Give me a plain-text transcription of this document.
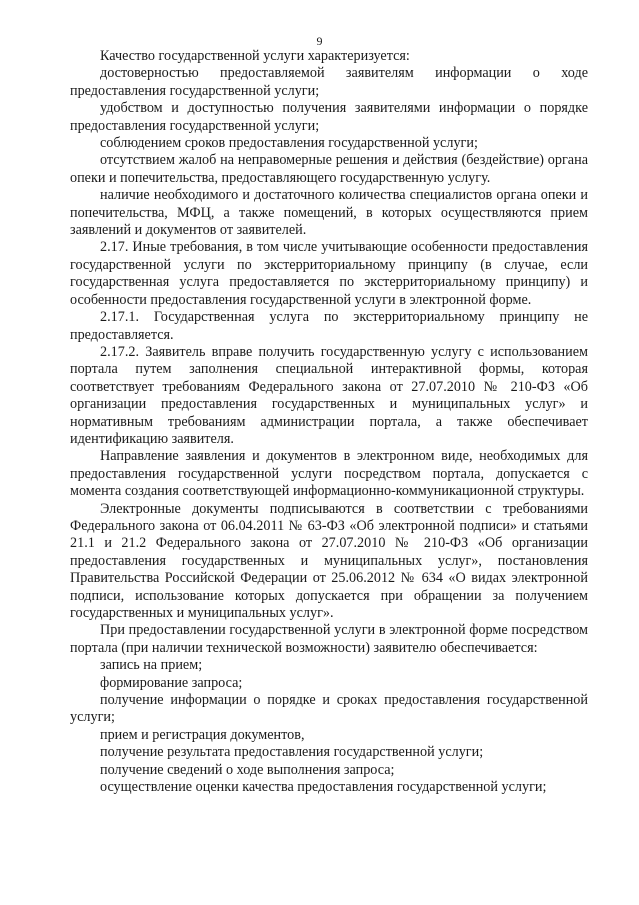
9

Качество государственной услуги характеризуется:

достоверностью предоставляемой заявителям информации о ходе предоставления государственной услуги;

удобством и доступностью получения заявителями информации о порядке предоставления государственной услуги;

соблюдением сроков предоставления государственной услуги;

отсутствием жалоб на неправомерные решения и действия (бездействие) органа опеки и попечительства, предоставляющего государственную услугу.

наличие необходимого и достаточного количества специалистов органа опеки и попечительства, МФЦ, а также помещений, в которых осуществляются прием заявлений и документов от заявителей.

2.17. Иные требования, в том числе учитывающие особенности предоставления государственной услуги по экстерриториальному принципу (в случае, если государственная услуга предоставляется по экстерриториальному принципу) и особенности предоставления государственной услуги в электронной форме.

2.17.1. Государственная услуга по экстерриториальному принципу не предоставляется.

2.17.2. Заявитель вправе получить государственную услугу с использованием портала путем заполнения специальной интерактивной формы, которая соответствует требованиям Федерального закона от 27.07.2010 № 210-ФЗ «Об организации предоставления государственных и муниципальных услуг» и нормативным требованиям администрации портала, а также обеспечивает идентификацию заявителя.

Направление заявления и документов в электронном виде, необходимых для предоставления государственной услуги посредством портала, допускается с момента создания соответствующей информационно-коммуникационной структуры.

Электронные документы подписываются в соответствии с требованиями Федерального закона от 06.04.2011 № 63-ФЗ «Об электронной подписи» и статьями 21.1 и 21.2 Федерального закона от 27.07.2010 № 210-ФЗ «Об организации предоставления государственных и муниципальных услуг», постановления Правительства Российской Федерации от 25.06.2012 № 634 «О видах электронной подписи, использование которых допускается при обращении за получением государственных и муниципальных услуг».

При предоставлении государственной услуги в электронной форме посредством портала (при наличии технической возможности) заявителю обеспечивается:

запись на прием;

формирование запроса;

получение информации о порядке и сроках предоставления государственной услуги;

прием и регистрация документов,

получение результата предоставления государственной услуги;

получение сведений о ходе выполнения запроса;

осуществление оценки качества предоставления государственной услуги;
